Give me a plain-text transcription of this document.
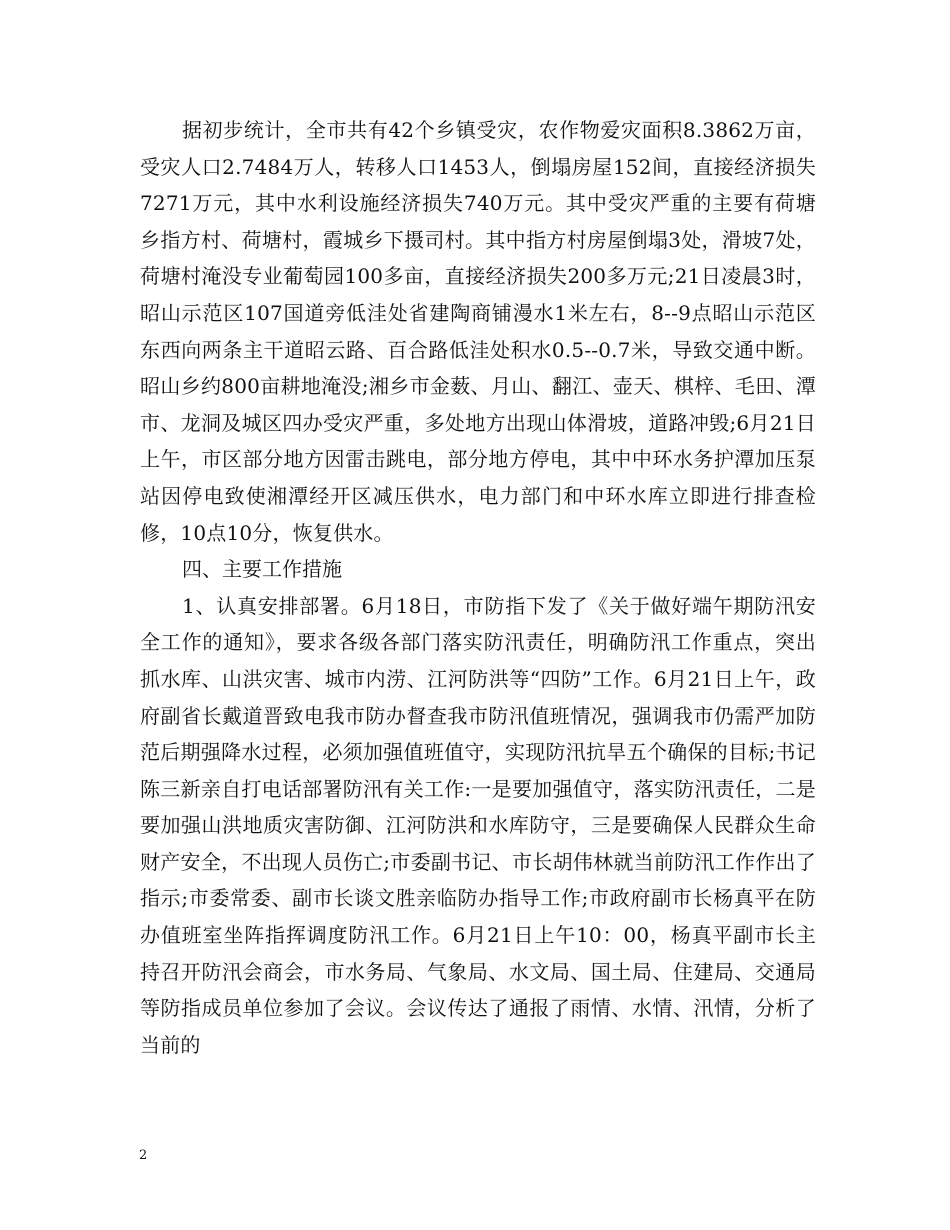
据初步统计，全市共有42个乡镇受灾，农作物爱灾面积8.3862万亩，受灾人口2.7484万人，转移人口1453人，倒塌房屋152间，直接经济损失7271万元，其中水利设施经济损失740万元。其中受灾严重的主要有荷塘乡指方村、荷塘村，霞城乡下摄司村。其中指方村房屋倒塌3处，滑坡7处，荷塘村淹没专业葡萄园100多亩，直接经济损失200多万元;21日凌晨3时，昭山示范区107国道旁低洼处省建陶商铺漫水1米左右，8--9点昭山示范区东西向两条主干道昭云路、百合路低洼处积水0.5--0.7米，导致交通中断。昭山乡约800亩耕地淹没;湘乡市金薮、月山、翻江、壶天、棋梓、毛田、潭市、龙洞及城区四办受灾严重，多处地方出现山体滑坡，道路冲毁;6月21日上午，市区部分地方因雷击跳电，部分地方停电，其中中环水务护潭加压泵站因停电致使湘潭经开区减压供水，电力部门和中环水库立即进行排查检修，10点10分，恢复供水。

四、主要工作措施

1、认真安排部署。6月18日，市防指下发了《关于做好端午期防汛安全工作的通知》，要求各级各部门落实防汛责任，明确防汛工作重点，突出抓水库、山洪灾害、城市内涝、江河防洪等“四防”工作。6月21日上午，政府副省长戴道晋致电我市防办督查我市防汛值班情况，强调我市仍需严加防范后期强降水过程，必须加强值班值守，实现防汛抗旱五个确保的目标;书记陈三新亲自打电话部署防汛有关工作:一是要加强值守，落实防汛责任，二是要加强山洪地质灾害防御、江河防洪和水库防守，三是要确保人民群众生命财产安全，不出现人员伤亡;市委副书记、市长胡伟林就当前防汛工作作出了指示;市委常委、副市长谈文胜亲临防办指导工作;市政府副市长杨真平在防办值班室坐阵指挥调度防汛工作。6月21日上午10：00，杨真平副市长主持召开防汛会商会，市水务局、气象局、水文局、国土局、住建局、交通局等防指成员单位参加了会议。会议传达了通报了雨情、水情、汛情，分析了当前的

2
